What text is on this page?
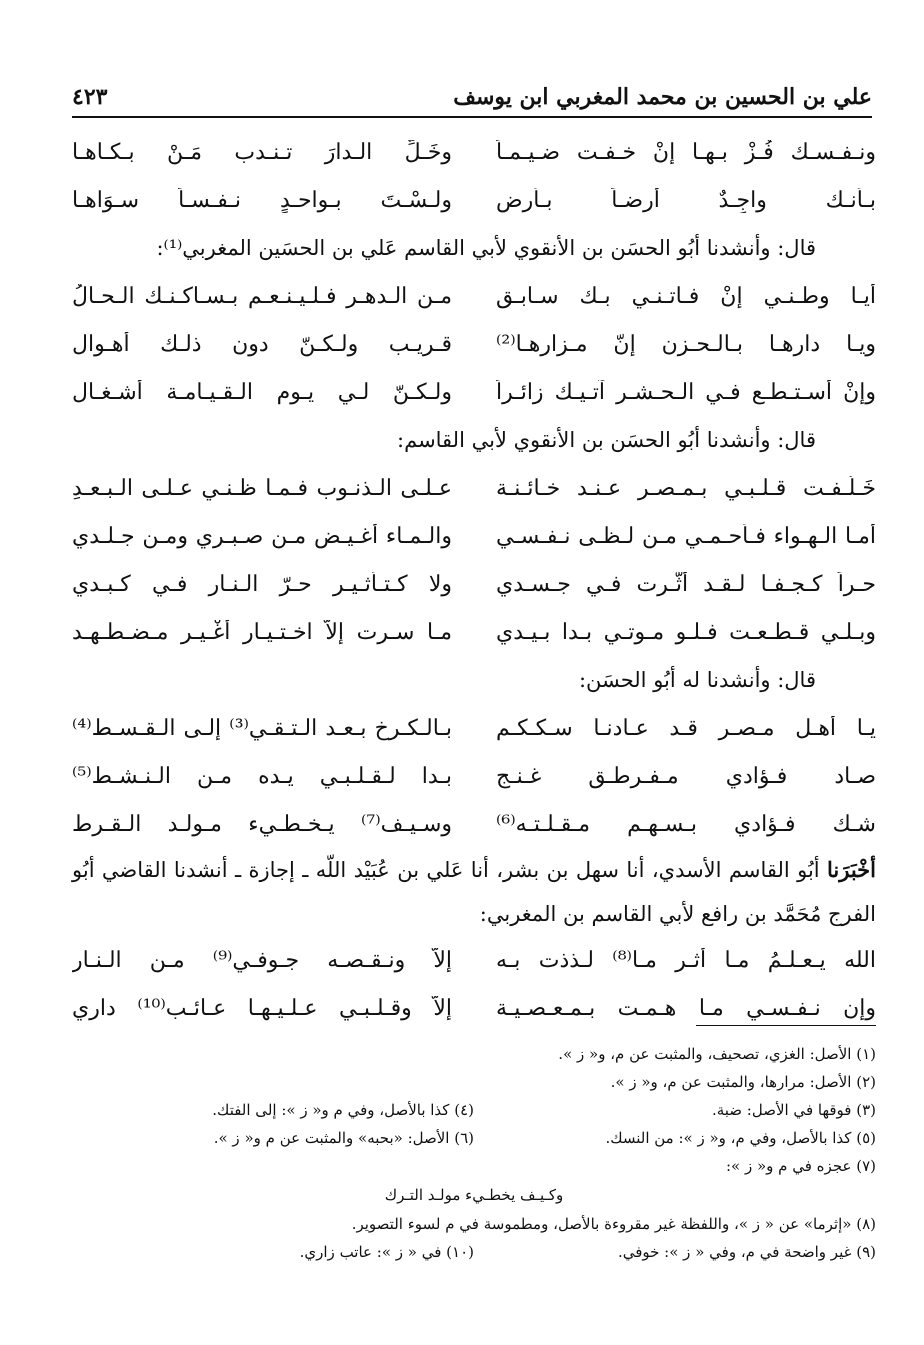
علي بن الحسين بن محمد المغربي ابن يوسف
٤٢٣
ونـفـسـك فُـزْ بـهـا إنْ خـفـت ضـيـمـاً
وخَـلِّ الـدارَ تـنـدب مَـنْ بـكـاهـا
بـأنـك واجِـدٌ أرضـاً بـأرضٍ
ولـسْـتَ بـواحـدٍ نـفـسـاً سـوَاهـا
قال: وأنشدنا أبُو الحسَن بن الأنقوي لأبي القاسم عَلي بن الحسَين المغربي⁽¹⁾:
أيـا وطـنـي إنْ فـاتـنـي بـك سـابـق
مـن الـدهـر فـلـيـنـعـم بـسـاكـنـك الـحـالُ
ويـا دارهـا بـالـحـزن إنّ مـزارهـا⁽²⁾
قـريـب ولـكـنّ دون ذلـك أهـوال
وإنْ أسـتـطـع فـي الـحـشـر آتـيـك زائـراً
ولـكـنّ لـي يـوم الـقـيـامـة أشـغـال
قال: وأنشدنا أبُو الحسَن بن الأنقوي لأبي القاسم:
خَـلّـفـت قـلـبـي بـمـصـر عـنـد خـائـنـة
عـلـى الـذنـوب فـمـا ظـنـي عـلـى الـبـعـدِ
أمـا الـهـواء فـأحـمـي مـن لـظـى نـفـسـي
والـمـاء أغـيـض مـن صـبـري ومـن جـلـدي
حـراً كـجـفـا لـقـد أثّـرت فـي جـسـدي
ولا كـتـأثـيـر حـرّ الـنـار فـي كـبـدي
وبـلـي قـطـعـت فـلـو مـوتـي بـدا بـيـدي
مـا سـرت إلاّ اخـتـيـار أغْـيـر مـضـطـهـد
قال: وأنشدنا له أبُو الحسَن:
يـا أهـل مـصـر قـد عـادنـا سـكـكـم
بـالـكـرخ بـعـد الـتـقـي⁽³⁾ إلـى الـقـسـط⁽⁴⁾
صـاد فـؤادي مـفـرطـق غـنـج
بـدا لـقـلـبـي يـده مـن الـنـشـط⁽⁵⁾
شـك فـؤادي بـسـهـم مـقـلـتـه⁽⁶⁾
وسـيـف⁽⁷⁾ يـخـطـيء مـولـد الـقـرط
أخْبَرَنا أبُو القاسم الأسدي، أنا سهل بن بشر، أنا عَلي بن عُبَيْد اللّه ـ إجازة ـ أنشدنا القاضي أبُو الفرج مُحَمَّد بن رافع لأبي القاسم بن المغربي:
الله يـعـلـمُ مـا أثـر مـا⁽⁸⁾ لـذذت بـه
إلاّ ونـقـصـه جـوفـي⁽⁹⁾ مـن الـنـار
وإن نـفـسـي مـا هـمـت بـمـعـصـيـة
إلاّ وقـلـبـي عـلـيـهـا عـائـب⁽¹⁰⁾ داري
(١) الأصل: الغزي، تصحيف، والمثبت عن م، و« ز ».
(٢) الأصل: مرارها، والمثبت عن م، و« ز ».
(٣) فوقها في الأصل: ضبة.
(٤) كذا بالأصل، وفي م و« ز »: إلى الفتك.
(٥) كذا بالأصل، وفي م، و« ز »: من النسك.
(٦) الأصل: «بحبه» والمثبت عن م و« ز ».
(٧) عجزه في م و« ز »:
وكـيـف يخطـيء مولـد التـرك
(٨) «إثرما» عن « ز »، واللفظة غير مقروءة بالأصل، ومطموسة في م لسوء التصوير.
(٩) غير واضحة في م، وفي « ز »: خوفي.
(١٠) في « ز »: عاتب زاري.
